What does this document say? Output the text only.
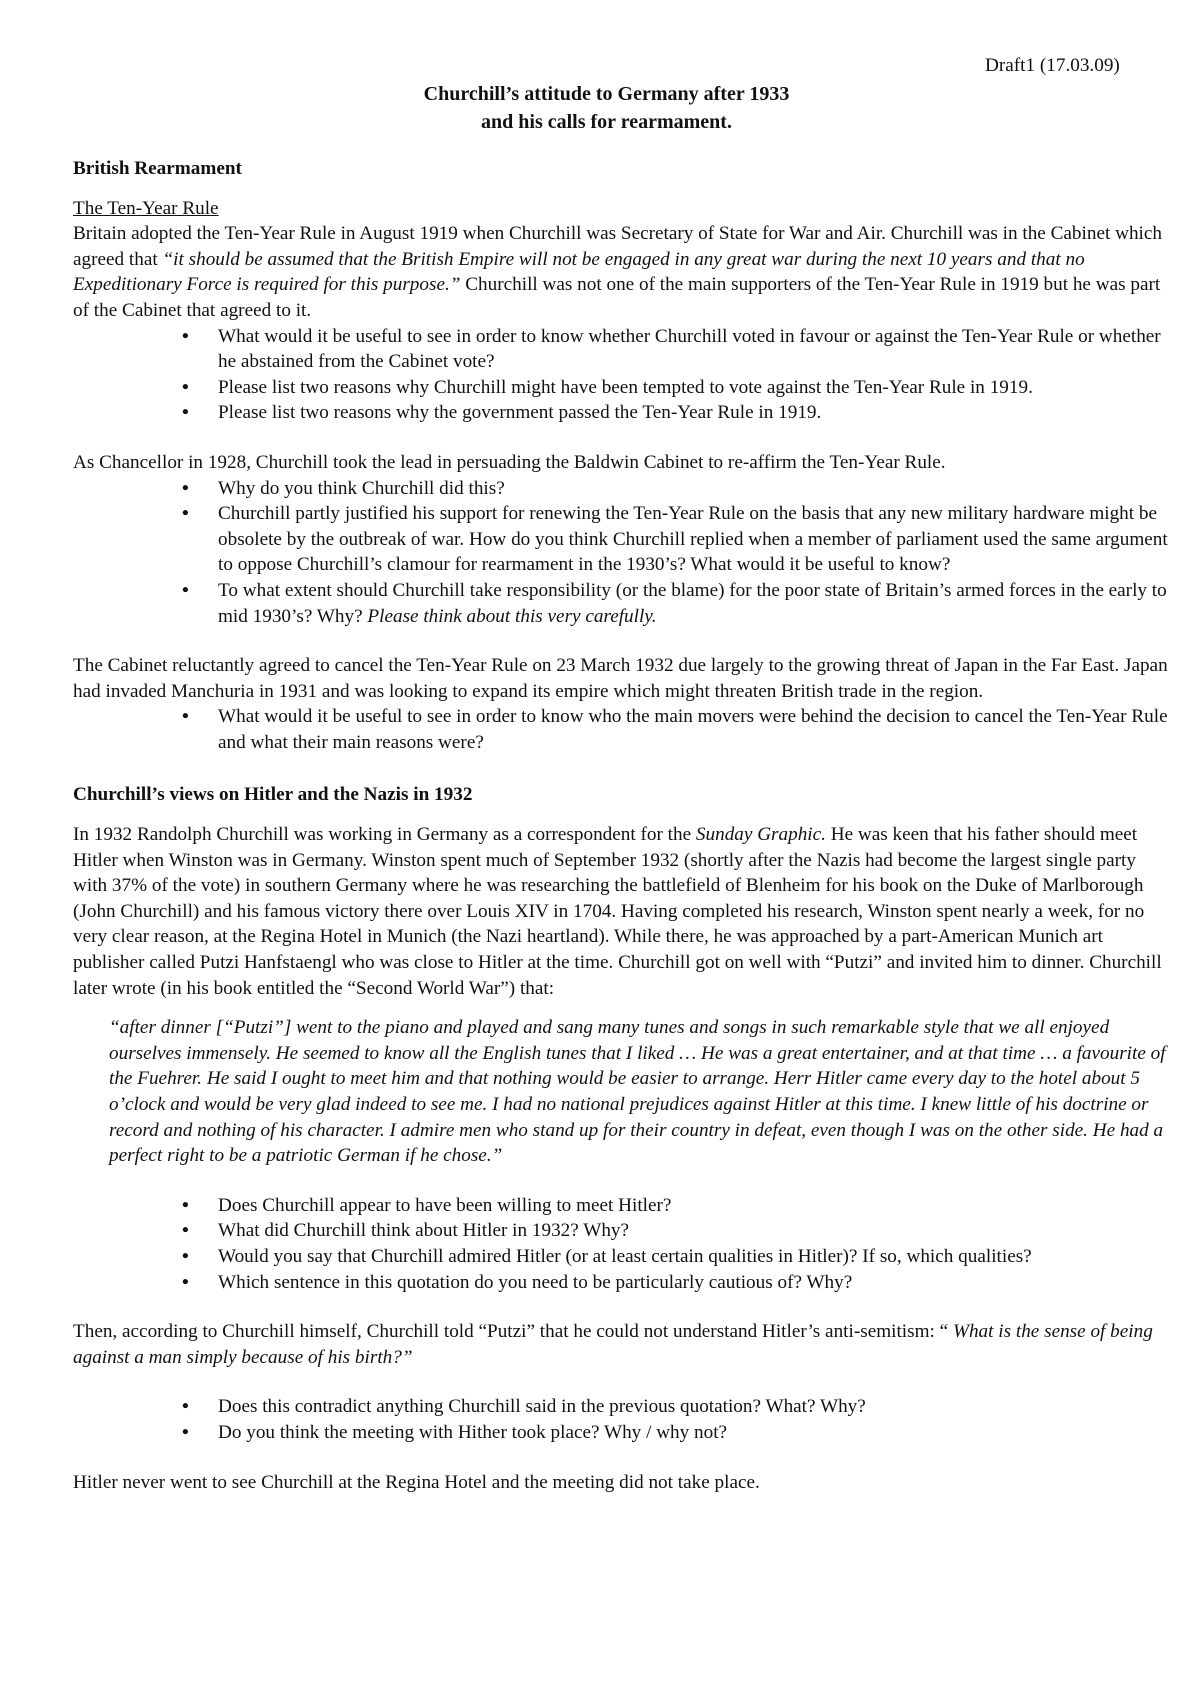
Draft1 (17.03.09)
Churchill’s attitude to Germany after 1933
and his calls for rearmament.

British Rearmament

The Ten-Year Rule

Britain adopted the Ten-Year Rule in August 1919 when Churchill was Secretary of State for War and Air. Churchill was in the Cabinet which agreed that “it should be assumed that the British Empire will not be engaged in any great war during the next 10 years and that no Expeditionary Force is required for this purpose.” Churchill was not one of the main supporters of the Ten-Year Rule in 1919 but he was part of the Cabinet that agreed to it.

• What would it be useful to see in order to know whether Churchill voted in favour or against the Ten-Year Rule or whether he abstained from the Cabinet vote?
• Please list two reasons why Churchill might have been tempted to vote against the Ten-Year Rule in 1919.
• Please list two reasons why the government passed the Ten-Year Rule in 1919.

As Chancellor in 1928, Churchill took the lead in persuading the Baldwin Cabinet to re-affirm the Ten-Year Rule.

• Why do you think Churchill did this?
• Churchill partly justified his support for renewing the Ten-Year Rule on the basis that any new military hardware might be obsolete by the outbreak of war. How do you think Churchill replied when a member of parliament used the same argument to oppose Churchill’s clamour for rearmament in the 1930’s? What would it be useful to know?
• To what extent should Churchill take responsibility (or the blame) for the poor state of Britain’s armed forces in the early to mid 1930’s? Why? Please think about this very carefully.

The Cabinet reluctantly agreed to cancel the Ten-Year Rule on 23 March 1932 due largely to the growing threat of Japan in the Far East. Japan had invaded Manchuria in 1931 and was looking to expand its empire which might threaten British trade in the region.

• What would it be useful to see in order to know who the main movers were behind the decision to cancel the Ten-Year Rule and what their main reasons were?

Churchill’s views on Hitler and the Nazis in 1932

In 1932 Randolph Churchill was working in Germany as a correspondent for the Sunday Graphic. He was keen that his father should meet Hitler when Winston was in Germany. Winston spent much of September 1932 (shortly after the Nazis had become the largest single party with 37% of the vote) in southern Germany where he was researching the battlefield of Blenheim for his book on the Duke of Marlborough (John Churchill) and his famous victory there over Louis XIV in 1704. Having completed his research, Winston spent nearly a week, for no very clear reason, at the Regina Hotel in Munich (the Nazi heartland). While there, he was approached by a part-American Munich art publisher called Putzi Hanfstaengl who was close to Hitler at the time. Churchill got on well with “Putzi” and invited him to dinner. Churchill later wrote (in his book entitled the “Second World War”) that:

“after dinner [“Putzi”] went to the piano and played and sang many tunes and songs in such remarkable style that we all enjoyed ourselves immensely. He seemed to know all the English tunes that I liked … He was a great entertainer, and at that time … a favourite of the Fuehrer. He said I ought to meet him and that nothing would be easier to arrange. Herr Hitler came every day to the hotel about 5 o’clock and would be very glad indeed to see me. I had no national prejudices against Hitler at this time. I knew little of his doctrine or record and nothing of his character. I admire men who stand up for their country in defeat, even though I was on the other side. He had a perfect right to be a patriotic German if he chose.”

• Does Churchill appear to have been willing to meet Hitler?
• What did Churchill think about Hitler in 1932? Why?
• Would you say that Churchill admired Hitler (or at least certain qualities in Hitler)? If so, which qualities?
• Which sentence in this quotation do you need to be particularly cautious of? Why?

Then, according to Churchill himself, Churchill told “Putzi” that he could not understand Hitler’s anti-semitism: “ What is the sense of being against a man simply because of his birth?”

• Does this contradict anything Churchill said in the previous quotation? What? Why?
• Do you think the meeting with Hither took place? Why / why not?

Hitler never went to see Churchill at the Regina Hotel and the meeting did not take place.
